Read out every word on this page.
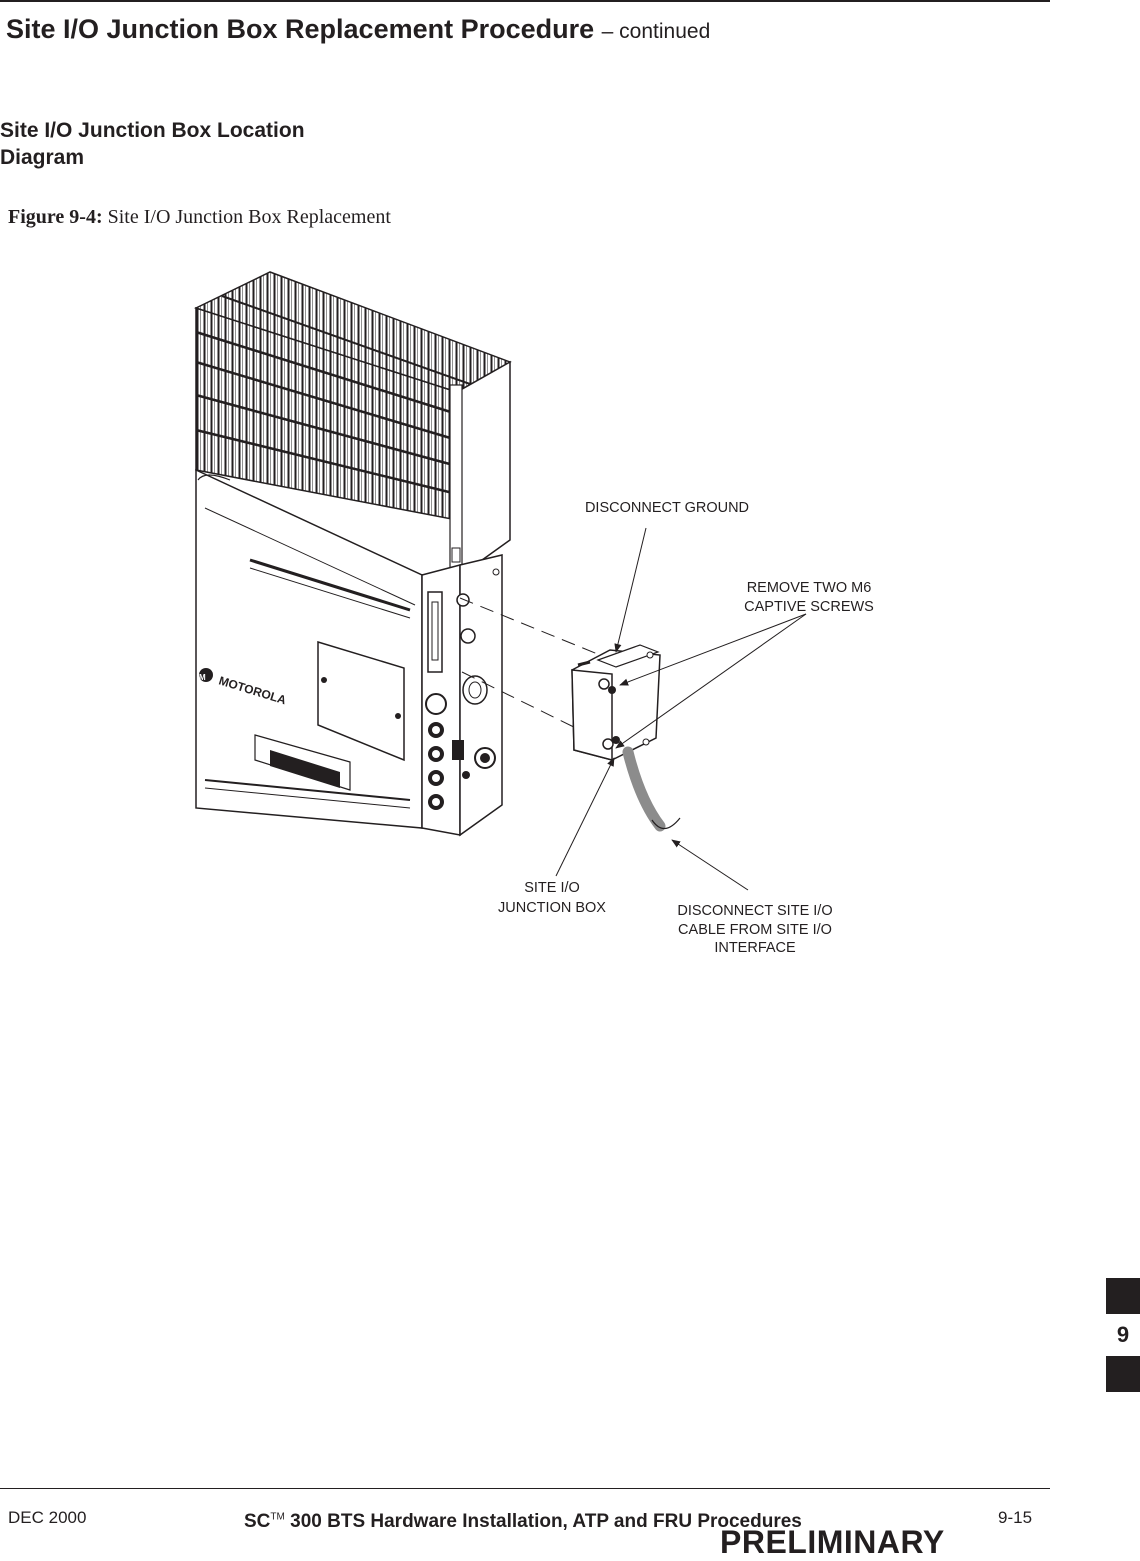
Site I/O Junction Box Replacement Procedure – continued
Site I/O Junction Box Location
Diagram
Figure 9-4: Site I/O Junction Box Replacement
M MOTOROLA
DISCONNECT GROUND
REMOVE TWO M6
CAPTIVE SCREWS
SITE I/O
JUNCTION BOX	DISCONNECT SITE I/O
CABLE FROM SITE I/O
INTERFACE
9
DEC 2000	SC™ 300 BTS Hardware Installation, ATP and FRU Procedures	9-15
PRELIMINARY
